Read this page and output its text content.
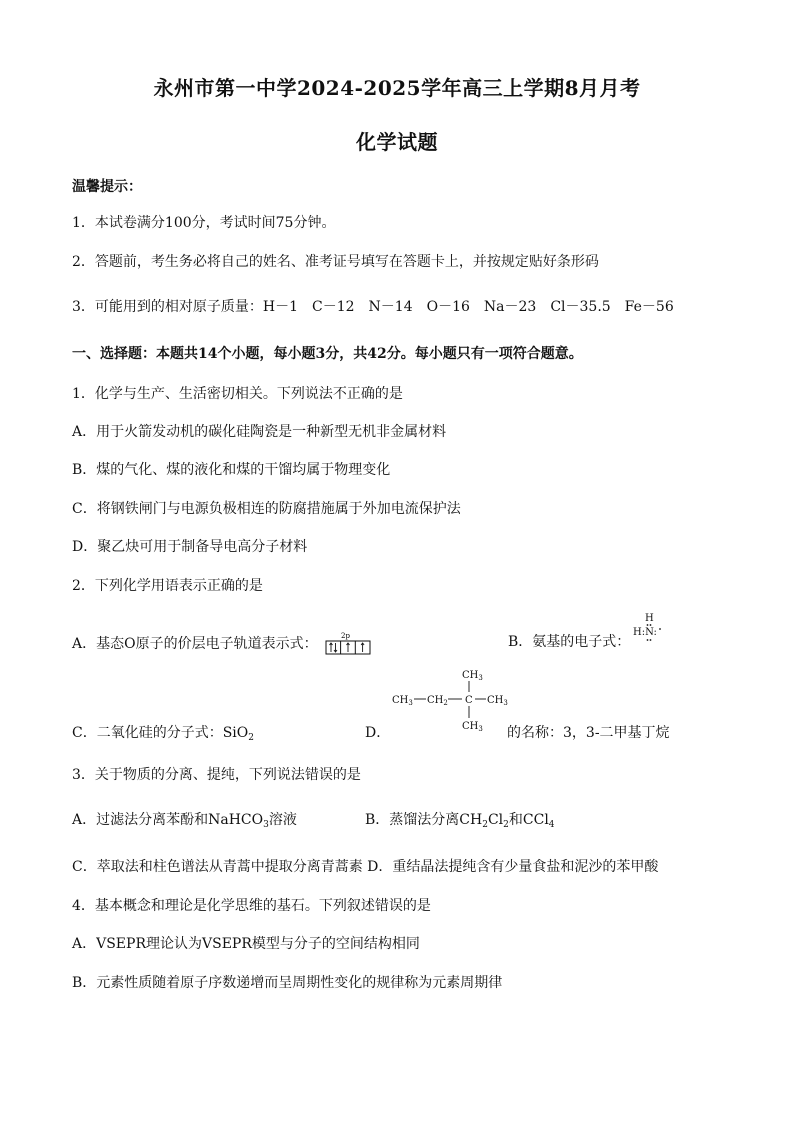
永州市第一中学2024-2025学年高三上学期8月月考
化学试题
温馨提示：
1．本试卷满分100分，考试时间75分钟。
2．答题前，考生务必将自己的姓名、准考证号填写在答题卡上，并按规定贴好条形码
3．可能用到的相对原子质量：H－1　C－12　N－14　O－16　Na－23　Cl－35.5　Fe－56
一、选择题：本题共14个小题，每小题3分，共42分。每小题只有一项符合题意。
1．化学与生产、生活密切相关。下列说法不正确的是
A．用于火箭发动机的碳化硅陶瓷是一种新型无机非金属材料
B．煤的气化、煤的液化和煤的干馏均属于物理变化
C．将钢铁闸门与电源负极相连的防腐措施属于外加电流保护法
D．聚乙炔可用于制备导电高分子材料
2．下列化学用语表示正确的是
A．基态O原子的价层电子轨道表示式：	2p	B．氨基的电子式：
H
H:N:
C．二氧化硅的分子式：SiO$_2$	D．
$CH_3$
$CH_3$ $CH_2$ C $CH_3$
$CH_3$ 的名称：3，3-二甲基丁烷
3．关于物质的分离、提纯，下列说法错误的是
A．过滤法分离苯酚和NaHCO$_3$溶液	B．蒸馏法分离$CH_2Cl_2$和CCl$_4$
C．萃取法和柱色谱法从青蒿中提取分离青蒿素 D．重结晶法提纯含有少量食盐和泥沙的苯甲酸
4．基本概念和理论是化学思维的基石。下列叙述错误的是
A．VSEPR理论认为VSEPR模型与分子的空间结构相同
B．元素性质随着原子序数递增而呈周期性变化的规律称为元素周期律
